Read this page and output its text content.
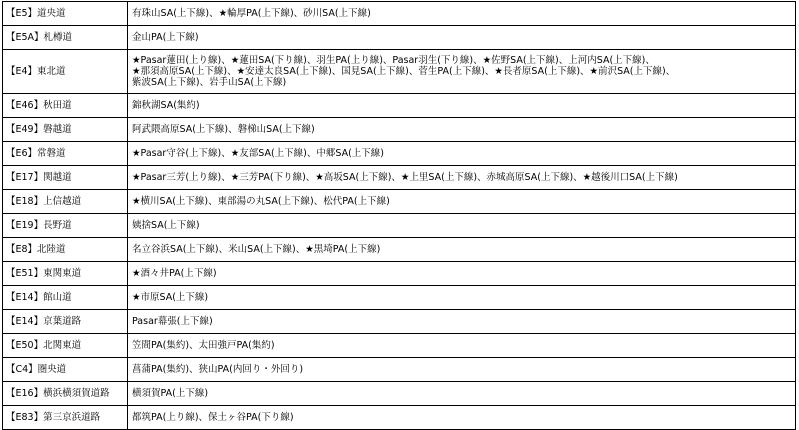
【E5】道央道	有珠山SA(上下線)、★輪厚PA(上下線)、砂川SA(上下線)

【E5A】札樽道	金山PA(上下線)

【E4】東北道	★Pasar蓮田(上り線)、★蓮田SA(下り線)、羽生PA(上り線)、Pasar羽生(下り線)、★佐野SA(上下線)、上河内SA(上下線)、
★那須高原SA(上下線)、★安達太良SA(上下線)、国見SA(上下線)、菅生PA(上下線)、★長者原SA(上下線)、★前沢SA(上下線)、
紫波SA(上下線)、岩手山SA(上下線)

【E46】秋田道	錦秋湖SA(集約)

【E49】磐越道	阿武隈高原SA(上下線)、磐梯山SA(上下線)

【E6】常磐道	★Pasar守谷(上下線)、★友部SA(上下線)、中郷SA(上下線)

【E17】関越道	★Pasar三芳(上り線)、★三芳PA(下り線)、★高坂SA(上下線)、★上里SA(上下線)、赤城高原SA(上下線)、★越後川口SA(上下線)

【E18】上信越道	★横川SA(上下線)、東部湯の丸SA(上下線)、松代PA(上下線)

【E19】長野道	姨捨SA(上下線)

【E8】北陸道	名立谷浜SA(上下線)、米山SA(上下線)、★黒埼PA(上下線)

【E51】東関東道	★酒々井PA(上下線)

【E14】館山道	★市原SA(上下線)

【E14】京葉道路	Pasar幕張(上下線)

【E50】北関東道	笠間PA(集約)、太田強戸PA(集約)

【C4】圏央道	菖蒲PA(集約)、狭山PA(内回り・外回り)

【E16】横浜横須賀道路	横須賀PA(上下線)

【E83】第三京浜道路	都筑PA(上り線)、保土ヶ谷PA(下り線)
